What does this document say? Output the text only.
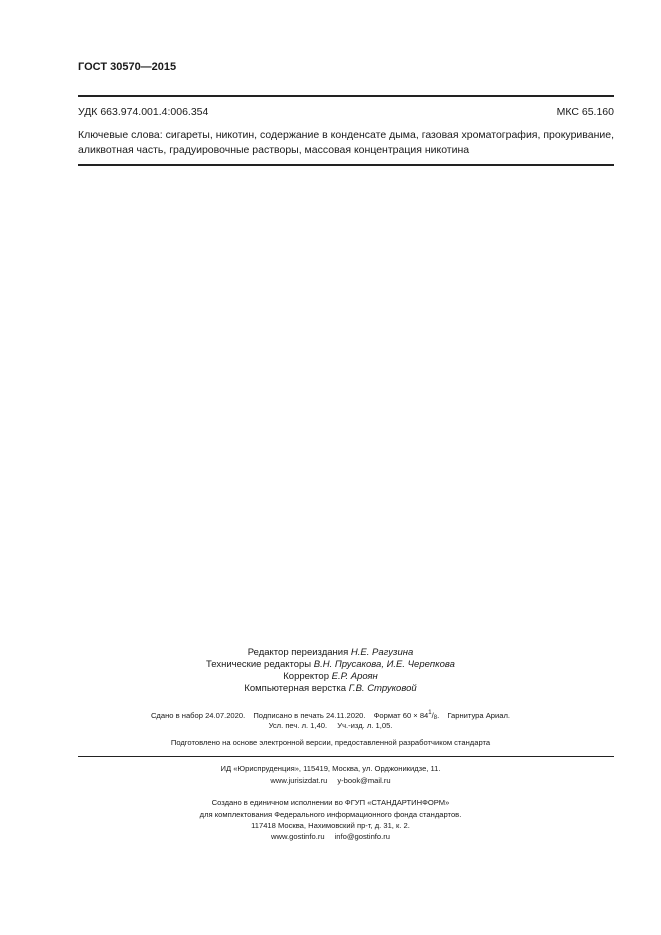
ГОСТ 30570—2015
УДК 663.974.001.4:006.354	МКС 65.160
Ключевые слова: сигареты, никотин, содержание в конденсате дыма, газовая хроматография, прокуривание, аликвотная часть, градуировочные растворы, массовая концентрация никотина
Редактор переиздания Н.Е. Рагузина
Технические редакторы В.Н. Прусакова, И.Е. Черепкова
Корректор Е.Р. Ароян
Компьютерная верстка Г.В. Струковой
Сдано в набор 24.07.2020. Подписано в печать 24.11.2020. Формат $60 \times 84^1/_8$. Гарнитура Ариал.
Усл. печ. л. 1,40. Уч.-изд. л. 1,05.
Подготовлено на основе электронной версии, предоставленной разработчиком стандарта
ИД «Юриспруденция», 115419, Москва, ул. Орджоникидзе, 11.
www.jurisizdat.ru y-book@mail.ru
Создано в единичном исполнении во ФГУП «СТАНДАРТИНФОРМ»
для комплектования Федерального информационного фонда стандартов.
117418 Москва, Нахимовский пр-т, д. 31, к. 2.
www.gostinfo.ru info@gostinfo.ru
